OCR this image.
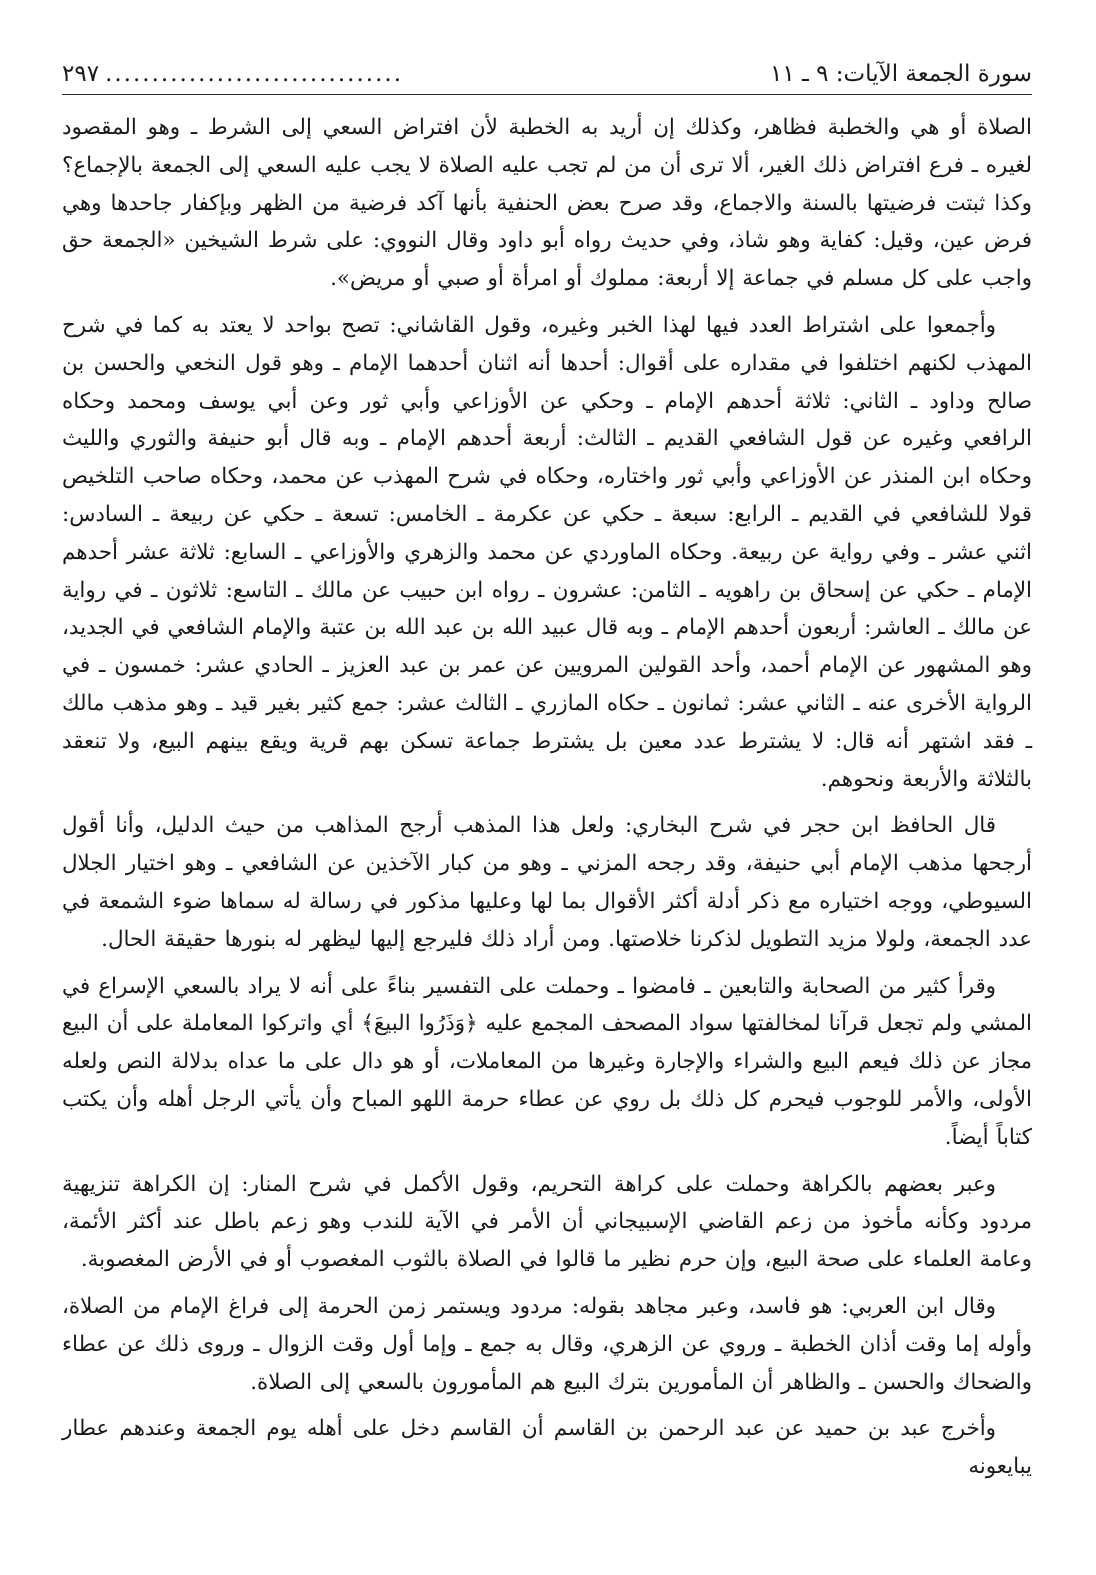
سورة الجمعة الآيات: ٩ ـ ١١
................................
٢٩٧

الصلاة أو هي والخطبة فظاهر، وكذلك إن أريد به الخطبة لأن افتراض السعي إلى الشرط ـ وهو المقصود لغيره ـ فرع افتراض ذلك الغير، ألا ترى أن من لم تجب عليه الصلاة لا يجب عليه السعي إلى الجمعة بالإجماع؟ وكذا ثبتت فرضيتها بالسنة والاجماع، وقد صرح بعض الحنفية بأنها آكد فرضية من الظهر وبإكفار جاحدها وهي فرض عين، وقيل: كفاية وهو شاذ، وفي حديث رواه أبو داود وقال النووي: على شرط الشيخين «الجمعة حق واجب على كل مسلم في جماعة إلا أربعة: مملوك أو امرأة أو صبي أو مريض».

وأجمعوا على اشتراط العدد فيها لهذا الخبر وغيره، وقول القاشاني: تصح بواحد لا يعتد به كما في شرح المهذب لكنهم اختلفوا في مقداره على أقوال: أحدها أنه اثنان أحدهما الإمام ـ وهو قول النخعي والحسن بن صالح وداود ـ الثاني: ثلاثة أحدهم الإمام ـ وحكي عن الأوزاعي وأبي ثور وعن أبي يوسف ومحمد وحكاه الرافعي وغيره عن قول الشافعي القديم ـ الثالث: أربعة أحدهم الإمام ـ وبه قال أبو حنيفة والثوري والليث وحكاه ابن المنذر عن الأوزاعي وأبي ثور واختاره، وحكاه في شرح المهذب عن محمد، وحكاه صاحب التلخيص قولا للشافعي في القديم ـ الرابع: سبعة ـ حكي عن عكرمة ـ الخامس: تسعة ـ حكي عن ربيعة ـ السادس: اثني عشر ـ وفي رواية عن ربيعة. وحكاه الماوردي عن محمد والزهري والأوزاعي ـ السابع: ثلاثة عشر أحدهم الإمام ـ حكي عن إسحاق بن راهويه ـ الثامن: عشرون ـ رواه ابن حبيب عن مالك ـ التاسع: ثلاثون ـ في رواية عن مالك ـ العاشر: أربعون أحدهم الإمام ـ وبه قال عبيد الله بن عبد الله بن عتبة والإمام الشافعي في الجديد، وهو المشهور عن الإمام أحمد، وأحد القولين المرويين عن عمر بن عبد العزيز ـ الحادي عشر: خمسون ـ في الرواية الأخرى عنه ـ الثاني عشر: ثمانون ـ حكاه المازري ـ الثالث عشر: جمع كثير بغير قيد ـ وهو مذهب مالك ـ فقد اشتهر أنه قال: لا يشترط عدد معين بل يشترط جماعة تسكن بهم قرية ويقع بينهم البيع، ولا تنعقد بالثلاثة والأربعة ونحوهم.

قال الحافظ ابن حجر في شرح البخاري: ولعل هذا المذهب أرجح المذاهب من حيث الدليل، وأنا أقول أرجحها مذهب الإمام أبي حنيفة، وقد رجحه المزني ـ وهو من كبار الآخذين عن الشافعي ـ وهو اختيار الجلال السيوطي، ووجه اختياره مع ذكر أدلة أكثر الأقوال بما لها وعليها مذكور في رسالة له سماها ضوء الشمعة في عدد الجمعة، ولولا مزيد التطويل لذكرنا خلاصتها. ومن أراد ذلك فليرجع إليها ليظهر له بنورها حقيقة الحال.

وقرأ كثير من الصحابة والتابعين ـ فامضوا ـ وحملت على التفسير بناءً على أنه لا يراد بالسعي الإسراع في المشي ولم تجعل قرآنا لمخالفتها سواد المصحف المجمع عليه ﴿وَذَرُوا البيعَ﴾ أي واتركوا المعاملة على أن البيع مجاز عن ذلك فيعم البيع والشراء والإجارة وغيرها من المعاملات، أو هو دال على ما عداه بدلالة النص ولعله الأولى، والأمر للوجوب فيحرم كل ذلك بل روي عن عطاء حرمة اللهو المباح وأن يأتي الرجل أهله وأن يكتب كتاباً أيضاً.

وعبر بعضهم بالكراهة وحملت على كراهة التحريم، وقول الأكمل في شرح المنار: إن الكراهة تنزيهية مردود وكأنه مأخوذ من زعم القاضي الإسبيجاني أن الأمر في الآية للندب وهو زعم باطل عند أكثر الأئمة، وعامة العلماء على صحة البيع، وإن حرم نظير ما قالوا في الصلاة بالثوب المغصوب أو في الأرض المغصوبة.

وقال ابن العربي: هو فاسد، وعبر مجاهد بقوله: مردود ويستمر زمن الحرمة إلى فراغ الإمام من الصلاة، وأوله إما وقت أذان الخطبة ـ وروي عن الزهري، وقال به جمع ـ وإما أول وقت الزوال ـ وروى ذلك عن عطاء والضحاك والحسن ـ والظاهر أن المأمورين بترك البيع هم المأمورون بالسعي إلى الصلاة.

وأخرج عبد بن حميد عن عبد الرحمن بن القاسم أن القاسم دخل على أهله يوم الجمعة وعندهم عطار يبايعونه
